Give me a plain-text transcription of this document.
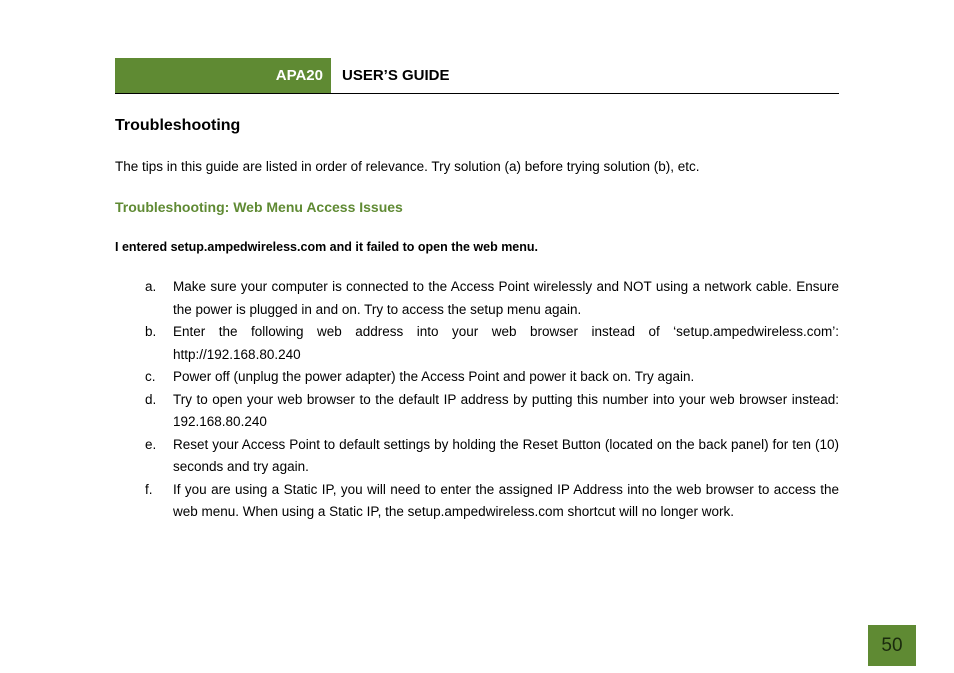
APA20	USER’S GUIDE
Troubleshooting

The tips in this guide are listed in order of relevance. Try solution (a) before trying solution (b), etc.

Troubleshooting: Web Menu Access Issues

I entered setup.ampedwireless.com and it failed to open the web menu.

a. Make sure your computer is connected to the Access Point wirelessly and NOT using a network cable. Ensure the power is plugged in and on. Try to access the setup menu again.
b. Enter the following web address into your web browser instead of ‘setup.ampedwireless.com’: http://192.168.80.240
c. Power off (unplug the power adapter) the Access Point and power it back on. Try again.
d. Try to open your web browser to the default IP address by putting this number into your web browser instead: 192.168.80.240
e. Reset your Access Point to default settings by holding the Reset Button (located on the back panel) for ten (10) seconds and try again.
f. If you are using a Static IP, you will need to enter the assigned IP Address into the web browser to access the web menu. When using a Static IP, the setup.ampedwireless.com shortcut will no longer work.
50
